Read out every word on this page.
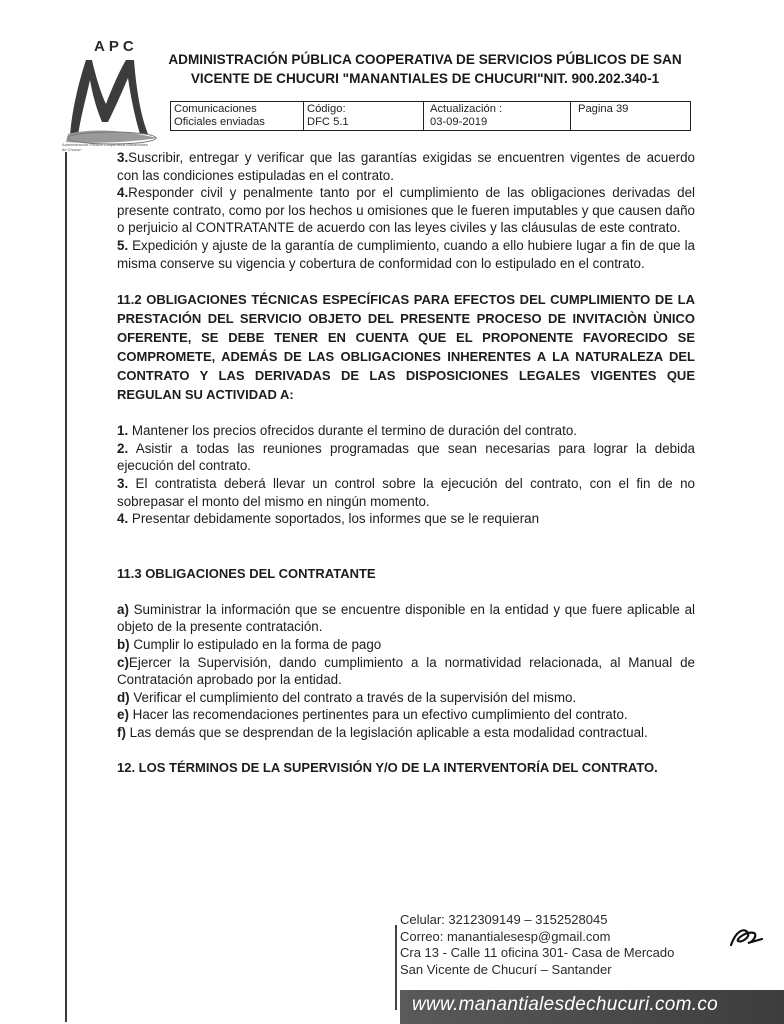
APC
Administración Pública Cooperativa Manantiales de Chucurí
ADMINISTRACIÓN PÚBLICA COOPERATIVA DE SERVICIOS PÚBLICOS DE SAN
VICENTE DE CHUCURI "MANANTIALES DE CHUCURI"NIT. 900.202.340-1
Comunicaciones
Oficiales enviadas

Código:
DFC 5.1

Actualización :
03-09-2019

Pagina 39

3.Suscribir, entregar y verificar que las garantías exigidas se encuentren vigentes de acuerdo con las condiciones estipuladas en el contrato.

4.Responder civil y penalmente tanto por el cumplimiento de las obligaciones derivadas del presente contrato, como por los hechos u omisiones que le fueren imputables y que causen daño o perjuicio al CONTRATANTE de acuerdo con las leyes civiles y las cláusulas de este contrato.

5. Expedición y ajuste de la garantía de cumplimiento, cuando a ello hubiere lugar a fin de que la misma conserve su vigencia y cobertura de conformidad con lo estipulado en el contrato.

11.2 OBLIGACIONES TÉCNICAS ESPECÍFICAS PARA EFECTOS DEL CUMPLIMIENTO DE LA PRESTACIÓN DEL SERVICIO OBJETO DEL PRESENTE PROCESO DE INVITACIÒN ÙNICO OFERENTE, SE DEBE TENER EN CUENTA QUE EL PROPONENTE FAVORECIDO SE COMPROMETE, ADEMÁS DE LAS OBLIGACIONES INHERENTES A LA NATURALEZA DEL CONTRATO Y LAS DERIVADAS DE LAS DISPOSICIONES LEGALES VIGENTES QUE REGULAN SU ACTIVIDAD A:

1. Mantener los precios ofrecidos durante el termino de duración del contrato.

2. Asistir a todas las reuniones programadas que sean necesarias para lograr la debida ejecución del contrato.

3. El contratista deberá llevar un control sobre la ejecución del contrato, con el fin de no sobrepasar el monto del mismo en ningún momento.

4. Presentar debidamente soportados, los informes que se le requieran

11.3 OBLIGACIONES DEL CONTRATANTE

a) Suministrar la información que se encuentre disponible en la entidad y que fuere aplicable al objeto de la presente contratación.

b) Cumplir lo estipulado en la forma de pago

c)Ejercer la Supervisión, dando cumplimiento a la normatividad relacionada, al Manual de Contratación aprobado por la entidad.

d) Verificar el cumplimiento del contrato a través de la supervisión del mismo.

e) Hacer las recomendaciones pertinentes para un efectivo cumplimiento del contrato.

f) Las demás que se desprendan de la legislación aplicable a esta modalidad contractual.

12. LOS TÉRMINOS DE LA SUPERVISIÓN Y/O DE LA INTERVENTORÍA DEL CONTRATO.

Celular: 3212309149 – 3152528045
Correo: manantialesesp@gmail.com
Cra 13 - Calle 11 oficina 301- Casa de Mercado
San Vicente de Chucurí – Santander
www.manantialesdechucuri.com.co
